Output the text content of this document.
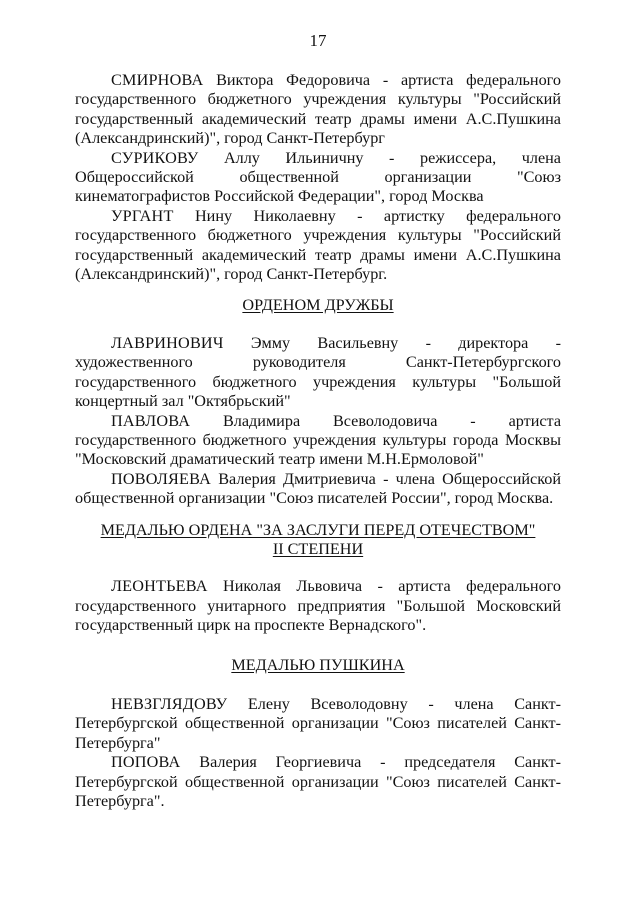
17

СМИРНОВА Виктора Федоровича - артиста федерального государственного бюджетного учреждения культуры "Российский государственный академический театр драмы имени А.С.Пушкина (Александринский)", город Санкт-Петербург

СУРИКОВУ Аллу Ильиничну - режиссера, члена Общероссийской общественной организации "Союз кинематографистов Российской Федерации", город Москва

УРГАНТ Нину Николаевну - артистку федерального государственного бюджетного учреждения культуры "Российский государственный академический театр драмы имени А.С.Пушкина (Александринский)", город Санкт-Петербург.

ОРДЕНОМ ДРУЖБЫ

ЛАВРИНОВИЧ Эмму Васильевну - директора - художественного руководителя Санкт-Петербургского государственного бюджетного учреждения культуры "Большой концертный зал "Октябрьский"

ПАВЛОВА Владимира Всеволодовича - артиста государственного бюджетного учреждения культуры города Москвы "Московский драматический театр имени М.Н.Ермоловой"

ПОВОЛЯЕВА Валерия Дмитриевича - члена Общероссийской общественной организации "Союз писателей России", город Москва.

МЕДАЛЬЮ ОРДЕНА "ЗА ЗАСЛУГИ ПЕРЕД ОТЕЧЕСТВОМ"

II СТЕПЕНИ

ЛЕОНТЬЕВА Николая Львовича - артиста федерального государственного унитарного предприятия "Большой Московский государственный цирк на проспекте Вернадского".

МЕДАЛЬЮ ПУШКИНА

НЕВЗГЛЯДОВУ Елену Всеволодовну - члена Санкт-Петербургской общественной организации "Союз писателей Санкт-Петербурга"

ПОПОВА Валерия Георгиевича - председателя Санкт-Петербургской общественной организации "Союз писателей Санкт-Петербурга".
